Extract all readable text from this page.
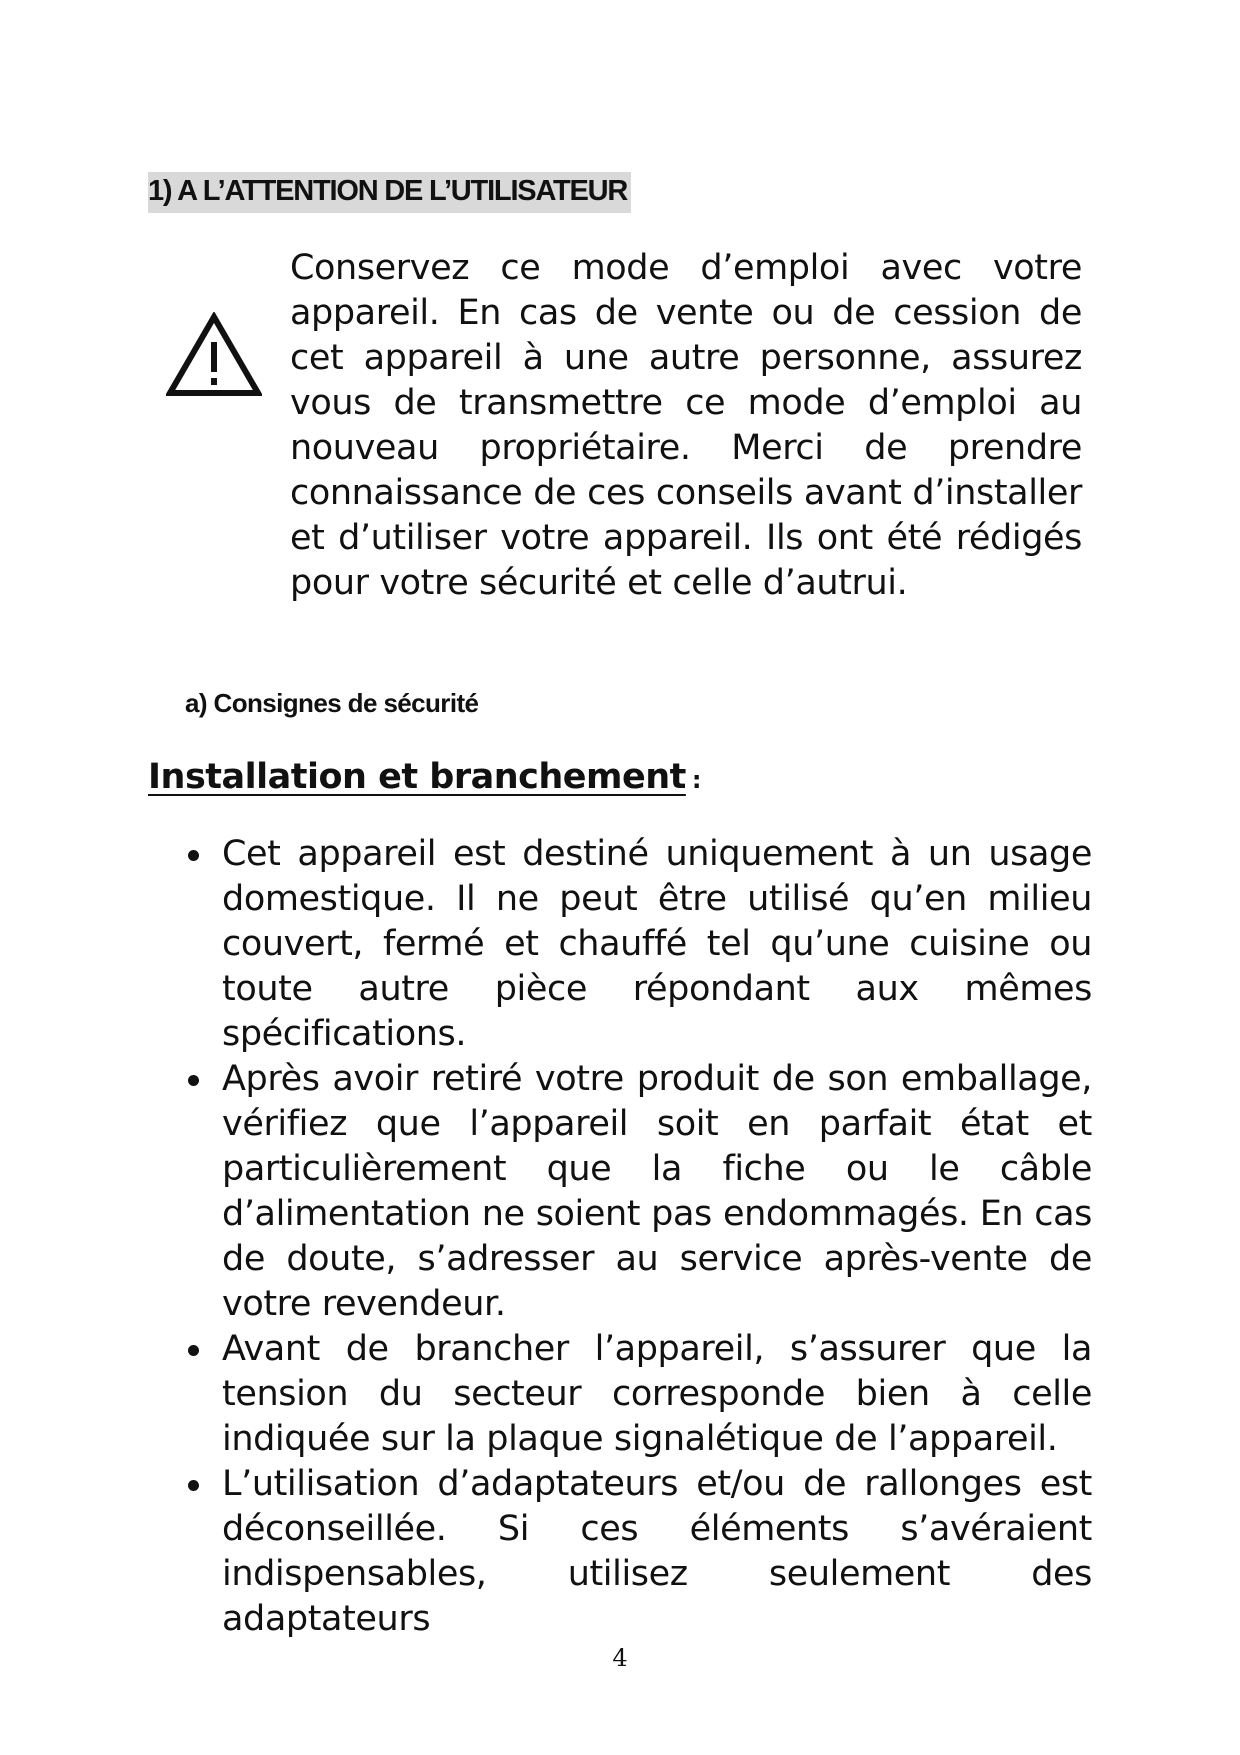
1) A L’ATTENTION DE L’UTILISATEUR

Conservez ce mode d’emploi avec votre appareil. En cas de vente ou de cession de cet appareil à une autre personne, assurez vous de transmettre ce mode d’emploi au nouveau propriétaire. Merci de prendre connaissance de ces conseils avant d’installer et d’utiliser votre appareil. Ils ont été rédigés pour votre sécurité et celle d’autrui.

a) Consignes de sécurité
Installation et branchement :
Cet appareil est destiné uniquement à un usage domestique. Il ne peut être utilisé qu’en milieu couvert, fermé et chauffé tel qu’une cuisine ou toute autre pièce répondant aux mêmes spécifications.
Après avoir retiré votre produit de son emballage, vérifiez que l’appareil soit en parfait état et particulièrement que la fiche ou le câble d’alimentation ne soient pas endommagés. En cas de doute, s’adresser au service après-vente de votre revendeur.
Avant de brancher l’appareil, s’assurer que la tension du secteur corresponde bien à celle indiquée sur la plaque signalétique de l’appareil.
L’utilisation d’adaptateurs et/ou de rallonges est déconseillée. Si ces éléments s’avéraient indispensables, utilisez seulement des adaptateurs
4
